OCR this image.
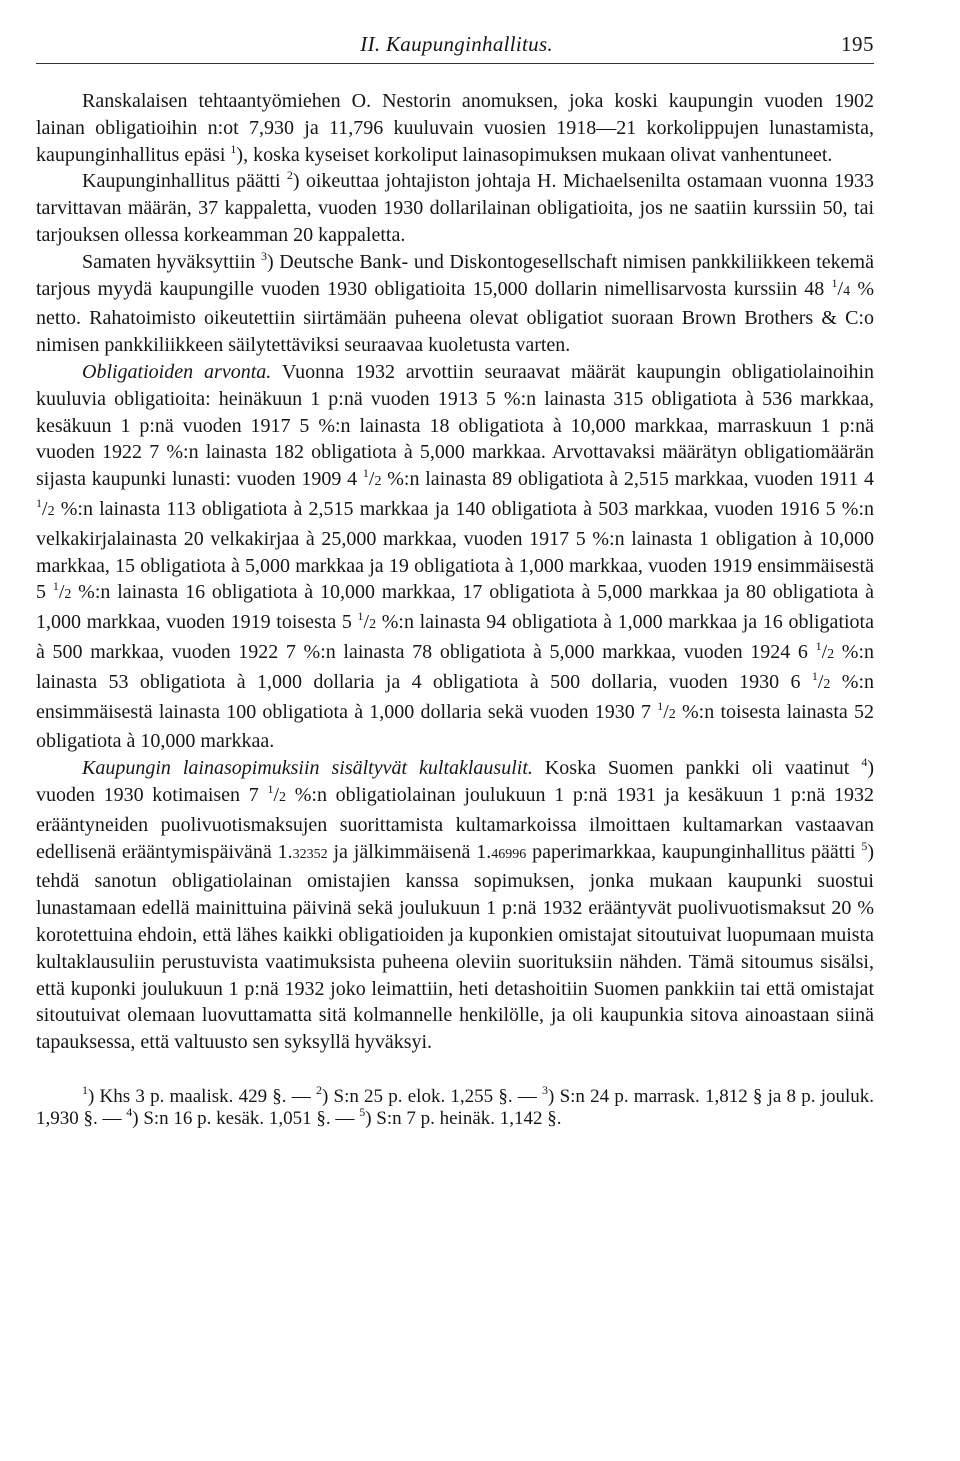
II. Kaupunginhallitus.	195

Ranskalaisen tehtaantyömiehen O. Nestorin anomuksen, joka koski kaupungin vuoden 1902 lainan obligatioihin n:ot 7,930 ja 11,796 kuuluvain vuosien 1918—21 korkolippujen lunastamista, kaupunginhallitus epäsi $^1$), koska kyseiset korkoliput lainasopimuksen mukaan olivat vanhentuneet.

Kaupunginhallitus päätti $^2$) oikeuttaa johtajiston johtaja H. Michaelsenilta ostamaan vuonna 1933 tarvittavan määrän, 37 kappaletta, vuoden 1930 dollarilainan obligatioita, jos ne saatiin kurssiin 50, tai tarjouksen ollessa korkeamman 20 kappaletta.

Samaten hyväksyttiin $^3$) Deutsche Bank- und Diskontogesellschaft nimisen pankkiliikkeen tekemä tarjous myydä kaupungille vuoden 1930 obligatioita 15,000 dollarin nimellisarvosta kurssiin 48 $^1$/4 % netto. Rahatoimisto oikeutettiin siirtämään puheena olevat obligatiot suoraan Brown Brothers & C:o nimisen pankkiliikkeen säilytettäviksi seuraavaa kuoletusta varten.

Obligatioiden arvonta. Vuonna 1932 arvottiin seuraavat määrät kaupungin obligatiolainoihin kuuluvia obligatioita: heinäkuun 1 p:nä vuoden 1913 5 %:n lainasta 315 obligatiota à 536 markkaa, kesäkuun 1 p:nä vuoden 1917 5 %:n lainasta 18 obligatiota à 10,000 markkaa, marraskuun 1 p:nä vuoden 1922 7 %:n lainasta 182 obligatiota à 5,000 markkaa. Arvottavaksi määrätyn obligatiomäärän sijasta kaupunki lunasti: vuoden 1909 4 $^1$/2 %:n lainasta 89 obligatiota à 2,515 markkaa, vuoden 1911 4 $^1$/2 %:n lainasta 113 obligatiota à 2,515 markkaa ja 140 obligatiota à 503 markkaa, vuoden 1916 5 %:n velkakirjalainasta 20 velkakirjaa à 25,000 markkaa, vuoden 1917 5 %:n lainasta 1 obligation à 10,000 markkaa, 15 obligatiota à 5,000 markkaa ja 19 obligatiota à 1,000 markkaa, vuoden 1919 ensimmäisestä 5 $^1$/2 %:n lainasta 16 obligatiota à 10,000 markkaa, 17 obligatiota à 5,000 markkaa ja 80 obligatiota à 1,000 markkaa, vuoden 1919 toisesta 5 $^1$/2 %:n lainasta 94 obligatiota à 1,000 markkaa ja 16 obligatiota à 500 markkaa, vuoden 1922 7 %:n lainasta 78 obligatiota à 5,000 markkaa, vuoden 1924 6 $^1$/2 %:n lainasta 53 obligatiota à 1,000 dollaria ja 4 obligatiota à 500 dollaria, vuoden 1930 6 $^1$/2 %:n ensimmäisestä lainasta 100 obligatiota à 1,000 dollaria sekä vuoden 1930 7 $^1$/2 %:n toisesta lainasta 52 obligatiota à 10,000 markkaa.

Kaupungin lainasopimuksiin sisältyvät kultaklausulit. Koska Suomen pankki oli vaatinut $^4$) vuoden 1930 kotimaisen 7 $^1$/2 %:n obligatiolainan joulukuun 1 p:nä 1931 ja kesäkuun 1 p:nä 1932 erääntyneiden puolivuotismaksujen suorittamista kultamarkoissa ilmoittaen kultamarkan vastaavan edellisenä erääntymispäivänä 1.32352 ja jälkimmäisenä 1.46996 paperimarkkaa, kaupunginhallitus päätti $^5$) tehdä sanotun obligatiolainan omistajien kanssa sopimuksen, jonka mukaan kaupunki suostui lunastamaan edellä mainittuina päivinä sekä joulukuun 1 p:nä 1932 erääntyvät puolivuotismaksut 20 % korotettuina ehdoin, että lähes kaikki obligatioiden ja kuponkien omistajat sitoutuivat luopumaan muista kultaklausuliin perustuvista vaatimuksista puheena oleviin suorituksiin nähden. Tämä sitoumus sisälsi, että kuponki joulukuun 1 p:nä 1932 joko leimattiin, heti detashoitiin Suomen pankkiin tai että omistajat sitoutuivat olemaan luovuttamatta sitä kolmannelle henkilölle, ja oli kaupunkia sitova ainoastaan siinä tapauksessa, että valtuusto sen syksyllä hyväksyi.

$^1$) Khs 3 p. maalisk. 429 §. — $^2$) S:n 25 p. elok. 1,255 §. — $^3$) S:n 24 p. marrask. 1,812 § ja 8 p. jouluk. 1,930 §. — $^4$) S:n 16 p. kesäk. 1,051 §. — $^5$) S:n 7 p. heinäk. 1,142 §.
